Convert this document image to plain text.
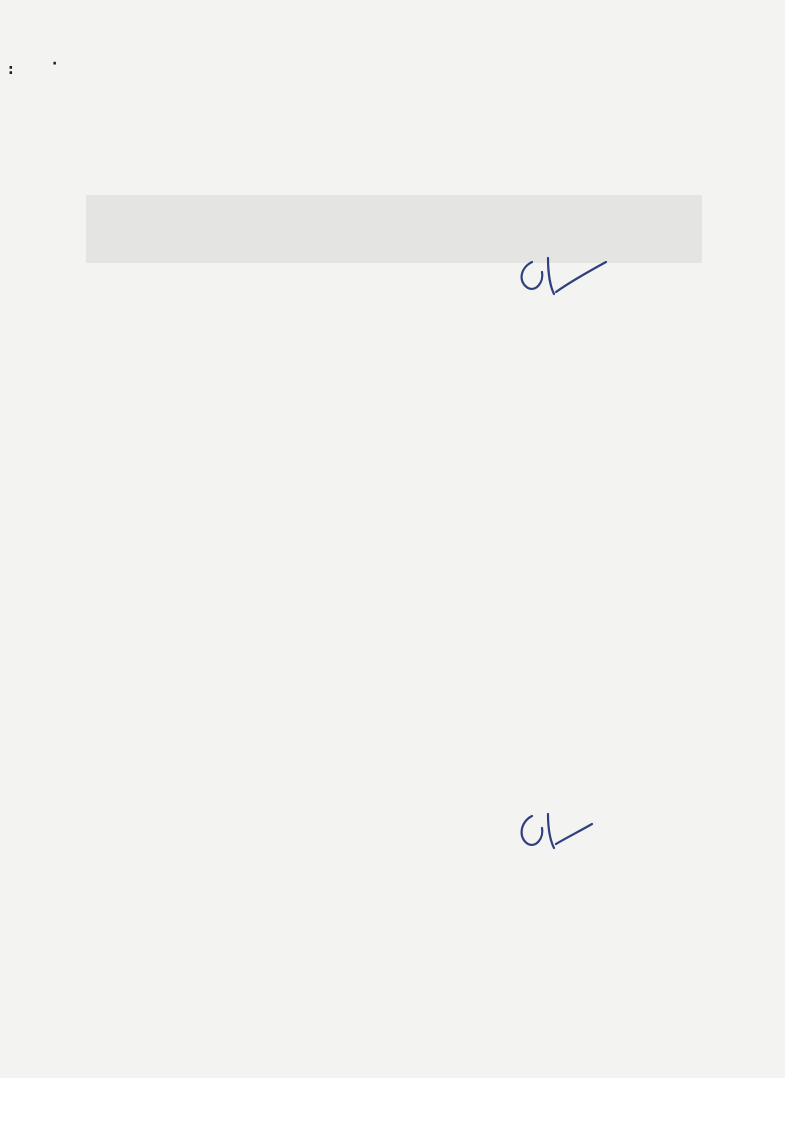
:	·
